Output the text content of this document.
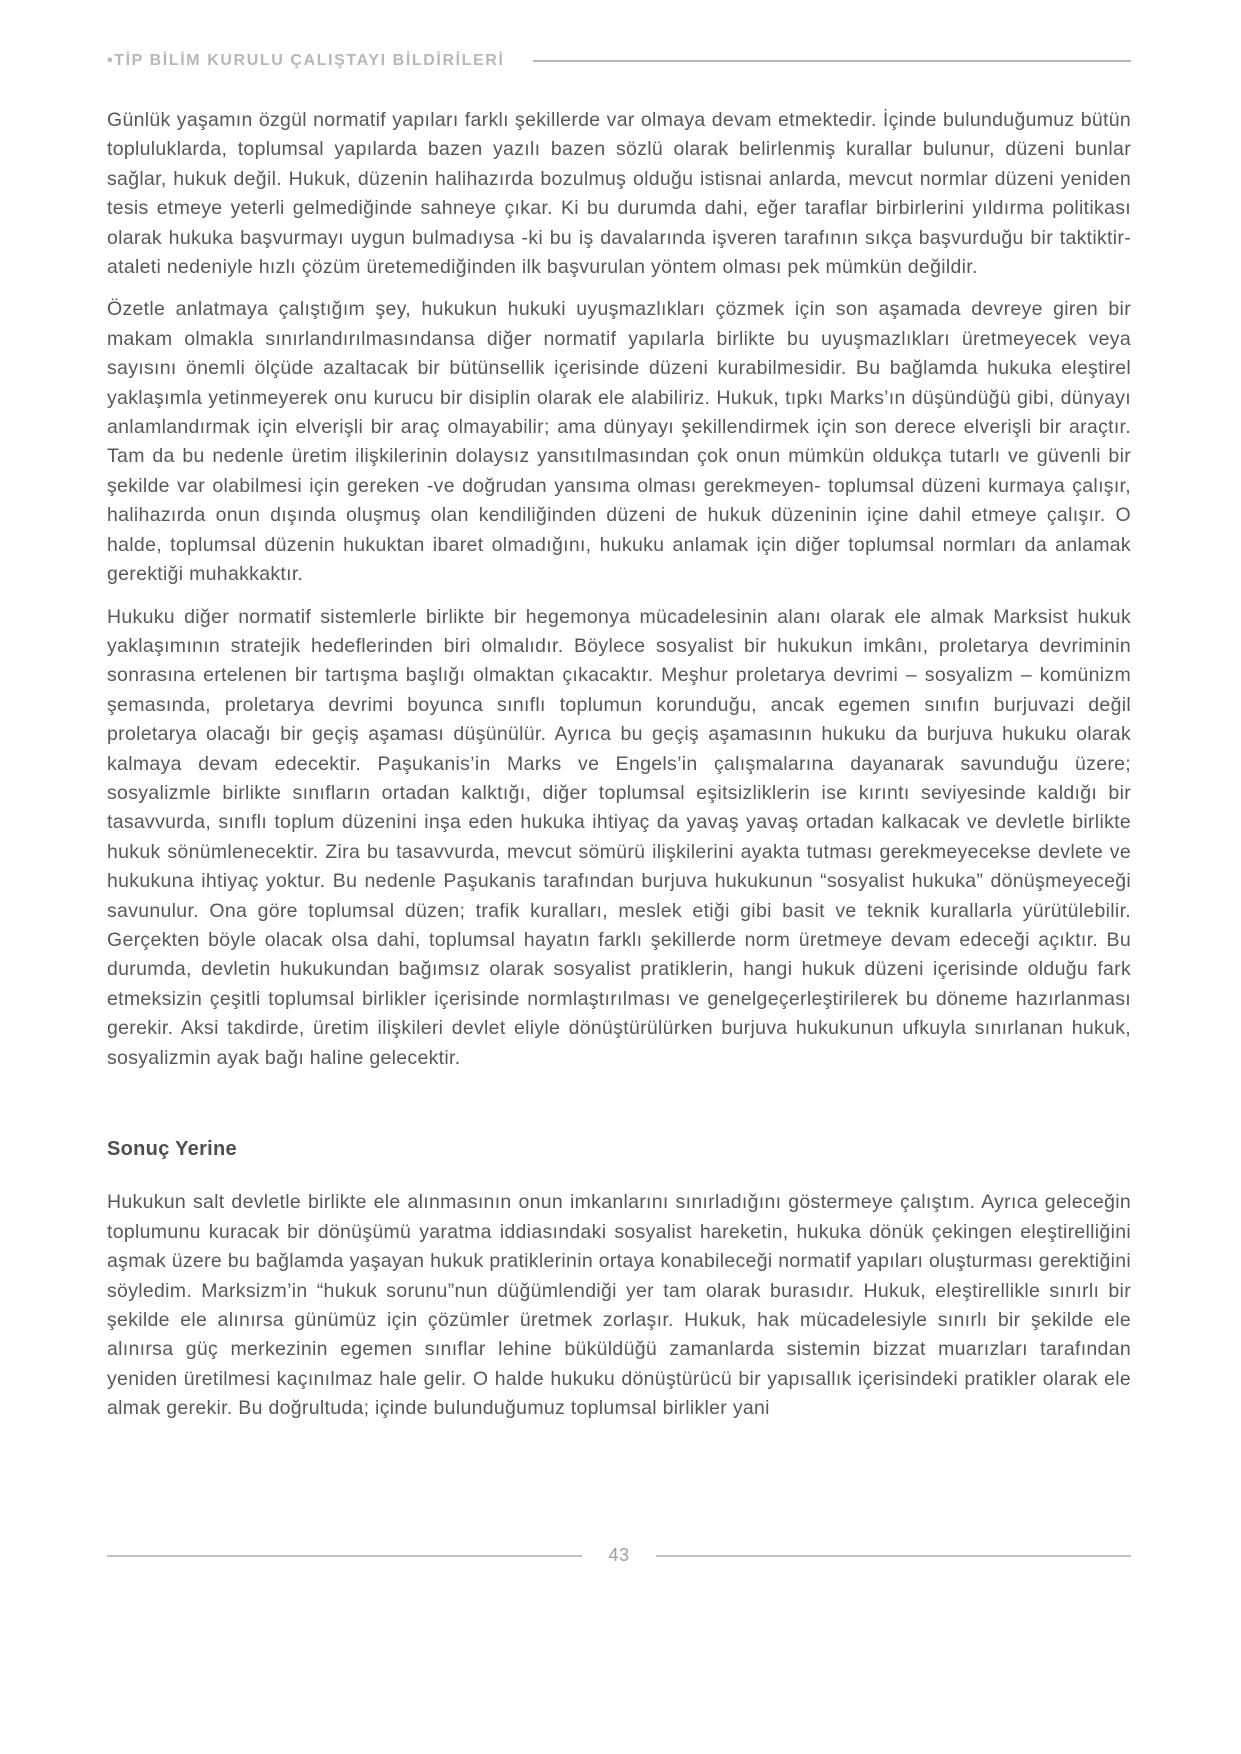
•TİP BİLİM KURULU ÇALIŞTAYI BİLDİRİLERİ

Günlük yaşamın özgül normatif yapıları farklı şekillerde var olmaya devam etmektedir. İçinde bulunduğumuz bütün topluluklarda, toplumsal yapılarda bazen yazılı bazen sözlü olarak belirlenmiş kurallar bulunur, düzeni bunlar sağlar, hukuk değil. Hukuk, düzenin halihazırda bozulmuş olduğu istisnai anlarda, mevcut normlar düzeni yeniden tesis etmeye yeterli gelmediğinde sahneye çıkar. Ki bu durumda dahi, eğer taraflar birbirlerini yıldırma politikası olarak hukuka başvurmayı uygun bulmadıysa -ki bu iş davalarında işveren tarafının sıkça başvurduğu bir taktiktir- ataleti nedeniyle hızlı çözüm üretemediğinden ilk başvurulan yöntem olması pek mümkün değildir.

Özetle anlatmaya çalıştığım şey, hukukun hukuki uyuşmazlıkları çözmek için son aşamada devreye giren bir makam olmakla sınırlandırılmasındansa diğer normatif yapılarla birlikte bu uyuşmazlıkları üretmeyecek veya sayısını önemli ölçüde azaltacak bir bütünsellik içerisinde düzeni kurabilmesidir. Bu bağlamda hukuka eleştirel yaklaşımla yetinmeyerek onu kurucu bir disiplin olarak ele alabiliriz. Hukuk, tıpkı Marks’ın düşündüğü gibi, dünyayı anlamlandırmak için elverişli bir araç olmayabilir; ama dünyayı şekillendirmek için son derece elverişli bir araçtır. Tam da bu nedenle üretim ilişkilerinin dolaysız yansıtılmasından çok onun mümkün oldukça tutarlı ve güvenli bir şekilde var olabilmesi için gereken -ve doğrudan yansıma olması gerekmeyen- toplumsal düzeni kurmaya çalışır, halihazırda onun dışında oluşmuş olan kendiliğinden düzeni de hukuk düzeninin içine dahil etmeye çalışır. O halde, toplumsal düzenin hukuktan ibaret olmadığını, hukuku anlamak için diğer toplumsal normları da anlamak gerektiği muhakkaktır.

Hukuku diğer normatif sistemlerle birlikte bir hegemonya mücadelesinin alanı olarak ele almak Marksist hukuk yaklaşımının stratejik hedeflerinden biri olmalıdır. Böylece sosyalist bir hukukun imkânı, proletarya devriminin sonrasına ertelenen bir tartışma başlığı olmaktan çıkacaktır. Meşhur proletarya devrimi – sosyalizm – komünizm şemasında, proletarya devrimi boyunca sınıflı toplumun korunduğu, ancak egemen sınıfın burjuvazi değil proletarya olacağı bir geçiş aşaması düşünülür. Ayrıca bu geçiş aşamasının hukuku da burjuva hukuku olarak kalmaya devam edecektir. Paşukanis’in Marks ve Engels’in çalışmalarına dayanarak savunduğu üzere; sosyalizmle birlikte sınıfların ortadan kalktığı, diğer toplumsal eşitsizliklerin ise kırıntı seviyesinde kaldığı bir tasavvurda, sınıflı toplum düzenini inşa eden hukuka ihtiyaç da yavaş yavaş ortadan kalkacak ve devletle birlikte hukuk sönümlenecektir. Zira bu tasavvurda, mevcut sömürü ilişkilerini ayakta tutması gerekmeyecekse devlete ve hukukuna ihtiyaç yoktur. Bu nedenle Paşukanis tarafından burjuva hukukunun “sosyalist hukuka” dönüşmeyeceği savunulur. Ona göre toplumsal düzen; trafik kuralları, meslek etiği gibi basit ve teknik kurallarla yürütülebilir. Gerçekten böyle olacak olsa dahi, toplumsal hayatın farklı şekillerde norm üretmeye devam edeceği açıktır. Bu durumda, devletin hukukundan bağımsız olarak sosyalist pratiklerin, hangi hukuk düzeni içerisinde olduğu fark etmeksizin çeşitli toplumsal birlikler içerisinde normlaştırılması ve genelgeçerleştirilerek bu döneme hazırlanması gerekir. Aksi takdirde, üretim ilişkileri devlet eliyle dönüştürülürken burjuva hukukunun ufkuyla sınırlanan hukuk, sosyalizmin ayak bağı haline gelecektir.

Sonuç Yerine

Hukukun salt devletle birlikte ele alınmasının onun imkanlarını sınırladığını göstermeye çalıştım. Ayrıca geleceğin toplumunu kuracak bir dönüşümü yaratma iddiasındaki sosyalist hareketin, hukuka dönük çekingen eleştirelliğini aşmak üzere bu bağlamda yaşayan hukuk pratiklerinin ortaya konabileceği normatif yapıları oluşturması gerektiğini söyledim. Marksizm’in “hukuk sorunu”nun düğümlendiği yer tam olarak burasıdır. Hukuk, eleştirellikle sınırlı bir şekilde ele alınırsa günümüz için çözümler üretmek zorlaşır. Hukuk, hak mücadelesiyle sınırlı bir şekilde ele alınırsa güç merkezinin egemen sınıflar lehine büküldüğü zamanlarda sistemin bizzat muarızları tarafından yeniden üretilmesi kaçınılmaz hale gelir. O halde hukuku dönüştürücü bir yapısallık içerisindeki pratikler olarak ele almak gerekir. Bu doğrultuda; içinde bulunduğumuz toplumsal birlikler yani

43
